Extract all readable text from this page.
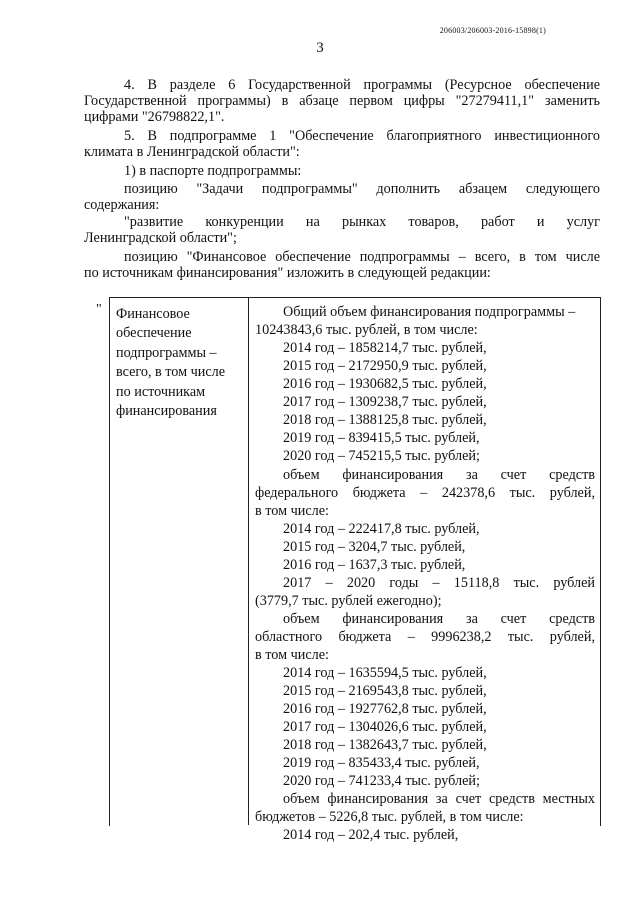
206003/206003-2016-15898(1)
3
4. В разделе 6 Государственной программы (Ресурсное обеспечение
Государственной программы) в абзаце первом цифры "27279411,1" заменить
цифрами "26798822,1".
5. В подпрограмме 1 "Обеспечение благоприятного инвестиционного
климата в Ленинградской области":
1) в паспорте подпрограммы:
позицию "Задачи подпрограммы" дополнить абзацем следующего
содержания:
"развитие конкуренции на рынках товаров, работ и услуг
Ленинградской области";
позицию "Финансовое обеспечение подпрограммы – всего, в том числе
по источникам финансирования" изложить в следующей редакции:
" Финансовое
обеспечение
подпрограммы –
всего, в том числе
по источникам
финансирования
Общий объем финансирования подпрограммы –
10243843,6 тыс. рублей, в том числе:
2014 год – 1858214,7 тыс. рублей,
2015 год – 2172950,9 тыс. рублей,
2016 год – 1930682,5 тыс. рублей,
2017 год – 1309238,7 тыс. рублей,
2018 год – 1388125,8 тыс. рублей,
2019 год – 839415,5 тыс. рублей,
2020 год – 745215,5 тыс. рублей;
объем финансирования за счет средств
федерального бюджета – 242378,6 тыс. рублей,
в том числе:
2014 год – 222417,8 тыс. рублей,
2015 год – 3204,7 тыс. рублей,
2016 год – 1637,3 тыс. рублей,
2017 – 2020 годы – 15118,8 тыс. рублей
(3779,7 тыс. рублей ежегодно);
объем финансирования за счет средств
областного бюджета – 9996238,2 тыс. рублей,
в том числе:
2014 год – 1635594,5 тыс. рублей,
2015 год – 2169543,8 тыс. рублей,
2016 год – 1927762,8 тыс. рублей,
2017 год – 1304026,6 тыс. рублей,
2018 год – 1382643,7 тыс. рублей,
2019 год – 835433,4 тыс. рублей,
2020 год – 741233,4 тыс. рублей;
объем финансирования за счет средств местных
бюджетов – 5226,8 тыс. рублей, в том числе:
2014 год – 202,4 тыс. рублей,
